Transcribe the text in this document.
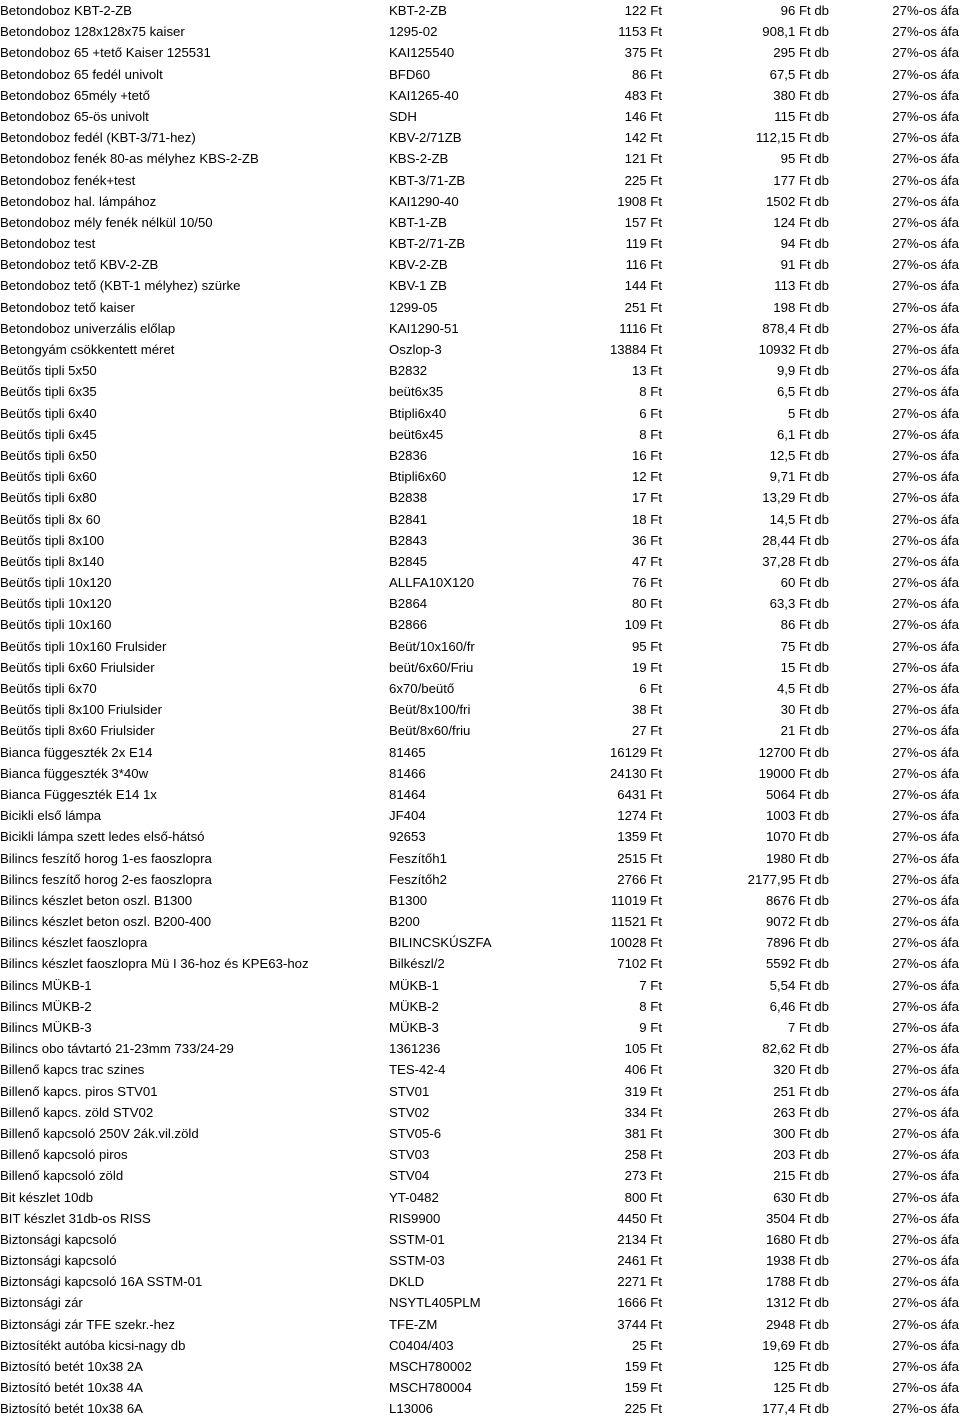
Betondoboz KBT-2-ZB	KBT-2-ZB	122 Ft	96 Ft db	27%-os áfa
Betondoboz 128x128x75 kaiser	1295-02	1153 Ft	908,1 Ft db	27%-os áfa
Betondoboz 65 +tető Kaiser 125531	KAI125540	375 Ft	295 Ft db	27%-os áfa
Betondoboz 65 fedél univolt	BFD60	86 Ft	67,5 Ft db	27%-os áfa
Betondoboz 65mély +tető	KAI1265-40	483 Ft	380 Ft db	27%-os áfa
Betondoboz 65-ös univolt	SDH	146 Ft	115 Ft db	27%-os áfa
Betondoboz fedél (KBT-3/71-hez)	KBV-2/71ZB	142 Ft	112,15 Ft db	27%-os áfa
Betondoboz fenék 80-as mélyhez KBS-2-ZB	KBS-2-ZB	121 Ft	95 Ft db	27%-os áfa
Betondoboz fenék+test	KBT-3/71-ZB	225 Ft	177 Ft db	27%-os áfa
Betondoboz hal. lámpához	KAI1290-40	1908 Ft	1502 Ft db	27%-os áfa
Betondoboz mély fenék nélkül 10/50	KBT-1-ZB	157 Ft	124 Ft db	27%-os áfa
Betondoboz test	KBT-2/71-ZB	119 Ft	94 Ft db	27%-os áfa
Betondoboz tető KBV-2-ZB	KBV-2-ZB	116 Ft	91 Ft db	27%-os áfa
Betondoboz tető (KBT-1 mélyhez) szürke	KBV-1 ZB	144 Ft	113 Ft db	27%-os áfa
Betondoboz tető kaiser	1299-05	251 Ft	198 Ft db	27%-os áfa
Betondoboz univerzális előlap	KAI1290-51	1116 Ft	878,4 Ft db	27%-os áfa
Betongyám csökkentett méret	Oszlop-3	13884 Ft	10932 Ft db	27%-os áfa
Beütős tipli 5x50	B2832	13 Ft	9,9 Ft db	27%-os áfa
Beütős tipli 6x35	beüt6x35	8 Ft	6,5 Ft db	27%-os áfa
Beütős tipli 6x40	Btipli6x40	6 Ft	5 Ft db	27%-os áfa
Beütős tipli 6x45	beüt6x45	8 Ft	6,1 Ft db	27%-os áfa
Beütős tipli 6x50	B2836	16 Ft	12,5 Ft db	27%-os áfa
Beütős tipli 6x60	Btipli6x60	12 Ft	9,71 Ft db	27%-os áfa
Beütős tipli 6x80	B2838	17 Ft	13,29 Ft db	27%-os áfa
Beütős tipli 8x 60	B2841	18 Ft	14,5 Ft db	27%-os áfa
Beütős tipli 8x100	B2843	36 Ft	28,44 Ft db	27%-os áfa
Beütős tipli 8x140	B2845	47 Ft	37,28 Ft db	27%-os áfa
Beütős tipli 10x120	ALLFA10X120	76 Ft	60 Ft db	27%-os áfa
Beütős tipli 10x120	B2864	80 Ft	63,3 Ft db	27%-os áfa
Beütős tipli 10x160	B2866	109 Ft	86 Ft db	27%-os áfa
Beütős tipli 10x160 Frulsider	Beüt/10x160/fr	95 Ft	75 Ft db	27%-os áfa
Beütős tipli 6x60 Friulsider	beüt/6x60/Friu	19 Ft	15 Ft db	27%-os áfa
Beütős tipli 6x70	6x70/beütő	6 Ft	4,5 Ft db	27%-os áfa
Beütős tipli 8x100 Friulsider	Beüt/8x100/fri	38 Ft	30 Ft db	27%-os áfa
Beütős tipli 8x60 Friulsider	Beüt/8x60/friu	27 Ft	21 Ft db	27%-os áfa
Bianca függeszték 2x E14	81465	16129 Ft	12700 Ft db	27%-os áfa
Bianca függeszték 3*40w	81466	24130 Ft	19000 Ft db	27%-os áfa
Bianca Függeszték E14 1x	81464	6431 Ft	5064 Ft db	27%-os áfa
Bicikli első lámpa	JF404	1274 Ft	1003 Ft db	27%-os áfa
Bicikli lámpa szett ledes első-hátsó	92653	1359 Ft	1070 Ft db	27%-os áfa
Bilincs feszítő horog 1-es faoszlopra	Feszítőh1	2515 Ft	1980 Ft db	27%-os áfa
Bilincs feszítő horog 2-es faoszlopra	Feszítőh2	2766 Ft	2177,95 Ft db	27%-os áfa
Bilincs készlet beton oszl. B1300	B1300	11019 Ft	8676 Ft db	27%-os áfa
Bilincs készlet beton oszl. B200-400	B200	11521 Ft	9072 Ft db	27%-os áfa
Bilincs készlet faoszlopra	BILINCSKÚSZFA	10028 Ft	7896 Ft db	27%-os áfa
Bilincs készlet faoszlopra Mü I 36-hoz és KPE63-hoz	Bilkészl/2	7102 Ft	5592 Ft db	27%-os áfa
Bilincs MÜKB-1	MÜKB-1	7 Ft	5,54 Ft db	27%-os áfa
Bilincs MÜKB-2	MÜKB-2	8 Ft	6,46 Ft db	27%-os áfa
Bilincs MÜKB-3	MÜKB-3	9 Ft	7 Ft db	27%-os áfa
Bilincs obo távtartó 21-23mm 733/24-29	1361236	105 Ft	82,62 Ft db	27%-os áfa
Billenő kapcs trac szines	TES-42-4	406 Ft	320 Ft db	27%-os áfa
Billenő kapcs. piros STV01	STV01	319 Ft	251 Ft db	27%-os áfa
Billenő kapcs. zöld STV02	STV02	334 Ft	263 Ft db	27%-os áfa
Billenő kapcsoló 250V 2ák.vil.zöld	STV05-6	381 Ft	300 Ft db	27%-os áfa
Billenő kapcsoló piros	STV03	258 Ft	203 Ft db	27%-os áfa
Billenő kapcsoló zöld	STV04	273 Ft	215 Ft db	27%-os áfa
Bit készlet 10db	YT-0482	800 Ft	630 Ft db	27%-os áfa
BIT készlet 31db-os RISS	RIS9900	4450 Ft	3504 Ft db	27%-os áfa
Biztonsági kapcsoló	SSTM-01	2134 Ft	1680 Ft db	27%-os áfa
Biztonsági kapcsoló	SSTM-03	2461 Ft	1938 Ft db	27%-os áfa
Biztonsági kapcsoló 16A SSTM-01	DKLD	2271 Ft	1788 Ft db	27%-os áfa
Biztonsági zár	NSYTL405PLM	1666 Ft	1312 Ft db	27%-os áfa
Biztonsági zár TFE szekr.-hez	TFE-ZM	3744 Ft	2948 Ft db	27%-os áfa
Biztosítékt autóba kicsi-nagy db	C0404/403	25 Ft	19,69 Ft db	27%-os áfa
Biztosító betét 10x38 2A	MSCH780002	159 Ft	125 Ft db	27%-os áfa
Biztosító betét 10x38 4A	MSCH780004	159 Ft	125 Ft db	27%-os áfa
Biztosító betét 10x38 6A	L13006	225 Ft	177,4 Ft db	27%-os áfa
